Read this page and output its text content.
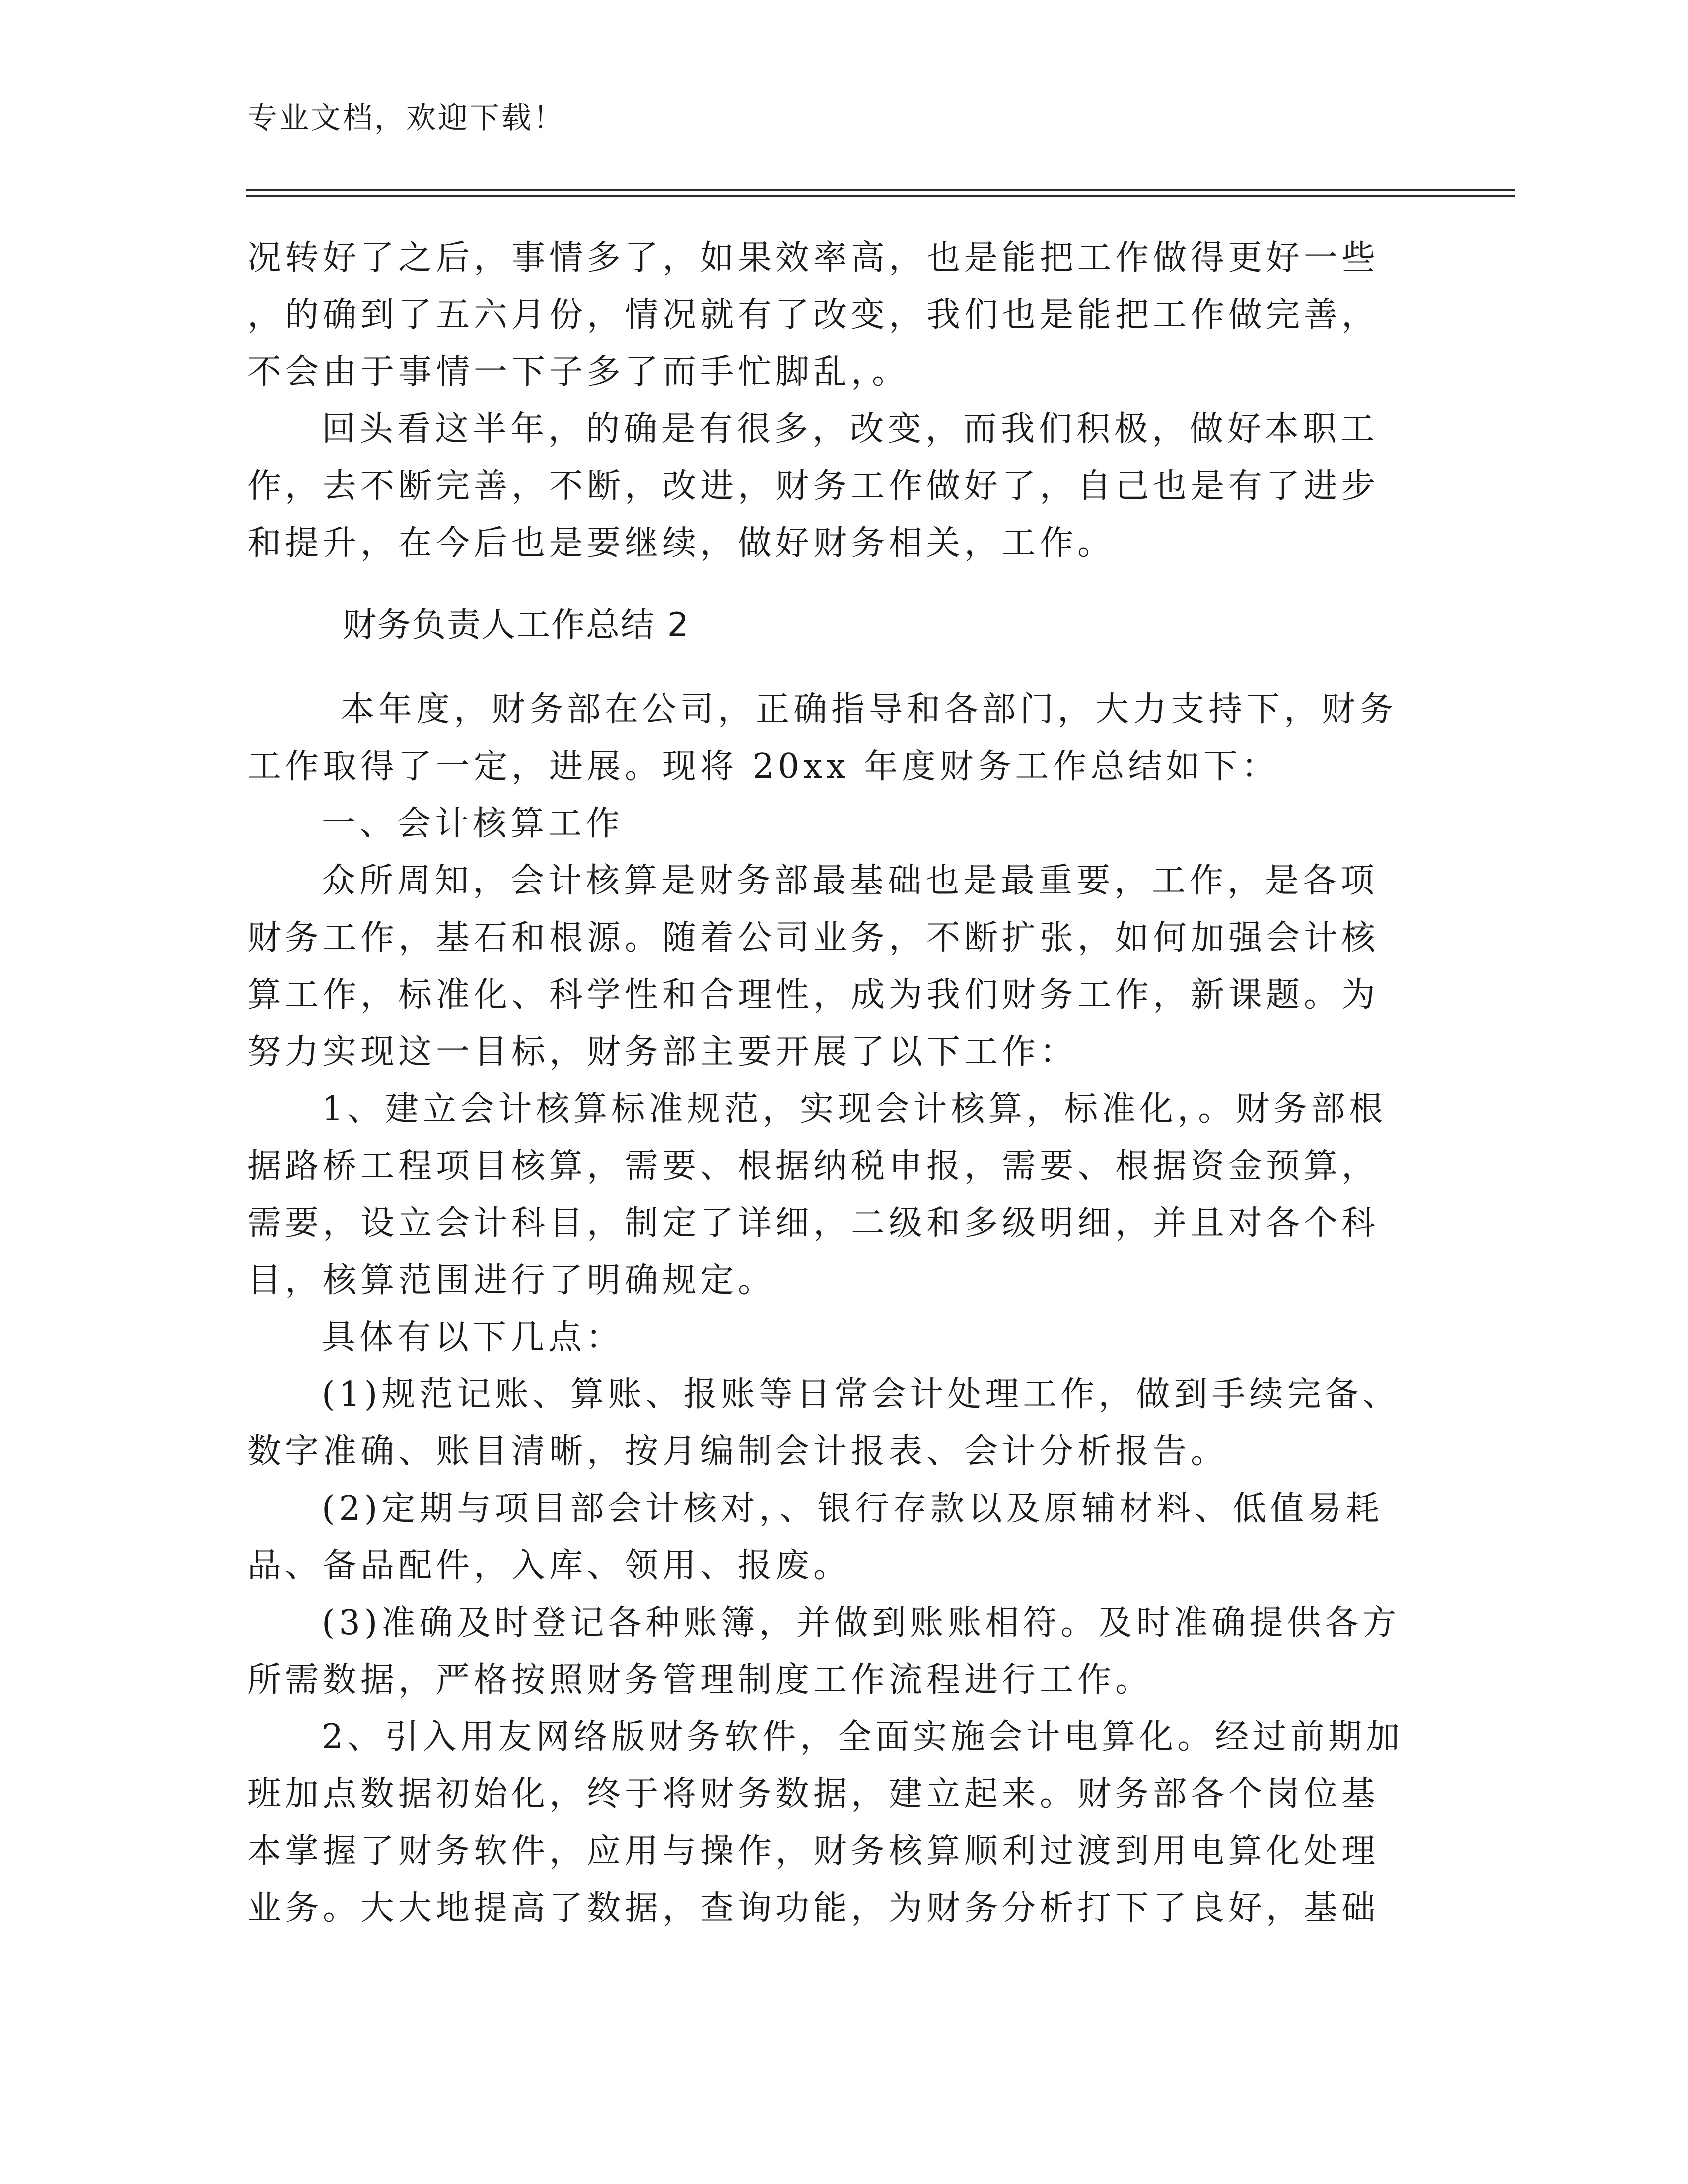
专业文档，欢迎下载！
况转好了之后，事情多了，如果效率高，也是能把工作做得更好一些
，的确到了五六月份，情况就有了改变，我们也是能把工作做完善，
不会由于事情一下子多了而手忙脚乱，。
回头看这半年，的确是有很多，改变，而我们积极，做好本职工
作，去不断完善，不断，改进，财务工作做好了，自己也是有了进步
和提升，在今后也是要继续，做好财务相关，工作。
财务负责人工作总结 2
本年度，财务部在公司，正确指导和各部门，大力支持下，财务
工作取得了一定，进展。现将 20xx 年度财务工作总结如下：
一、会计核算工作
众所周知，会计核算是财务部最基础也是最重要，工作，是各项
财务工作，基石和根源。随着公司业务，不断扩张，如何加强会计核
算工作，标准化、科学性和合理性，成为我们财务工作，新课题。为
努力实现这一目标，财务部主要开展了以下工作：
1、建立会计核算标准规范，实现会计核算，标准化，。财务部根
据路桥工程项目核算，需要、根据纳税申报，需要、根据资金预算，
需要，设立会计科目，制定了详细，二级和多级明细，并且对各个科
目，核算范围进行了明确规定。
具体有以下几点：
(1)规范记账、算账、报账等日常会计处理工作，做到手续完备、
数字准确、账目清晰，按月编制会计报表、会计分析报告。
(2)定期与项目部会计核对，、银行存款以及原辅材料、低值易耗
品、备品配件，入库、领用、报废。
(3)准确及时登记各种账簿，并做到账账相符。及时准确提供各方
所需数据，严格按照财务管理制度工作流程进行工作。
2、引入用友网络版财务软件，全面实施会计电算化。经过前期加
班加点数据初始化，终于将财务数据，建立起来。财务部各个岗位基
本掌握了财务软件，应用与操作，财务核算顺利过渡到用电算化处理
业务。大大地提高了数据，查询功能，为财务分析打下了良好，基础
